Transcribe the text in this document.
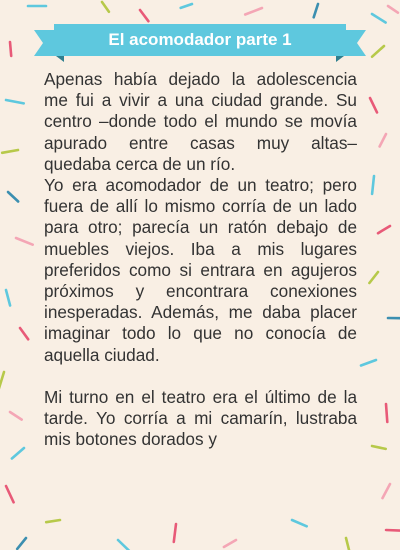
El acomodador parte 1

Apenas había dejado la adolescencia me fui a vivir a una ciudad grande. Su centro –donde todo el mundo se movía apurado entre casas muy altas– quedaba cerca de un río.

Yo era acomodador de un teatro; pero fuera de allí lo mismo corría de un lado para otro; parecía un ratón debajo de muebles viejos. Iba a mis lugares preferidos como si entrara en agujeros próximos y encontrara conexiones inesperadas. Además, me daba placer imaginar todo lo que no conocía de aquella ciudad.

Mi turno en el teatro era el último de la tarde. Yo corría a mi camarín, lustraba mis botones dorados y
